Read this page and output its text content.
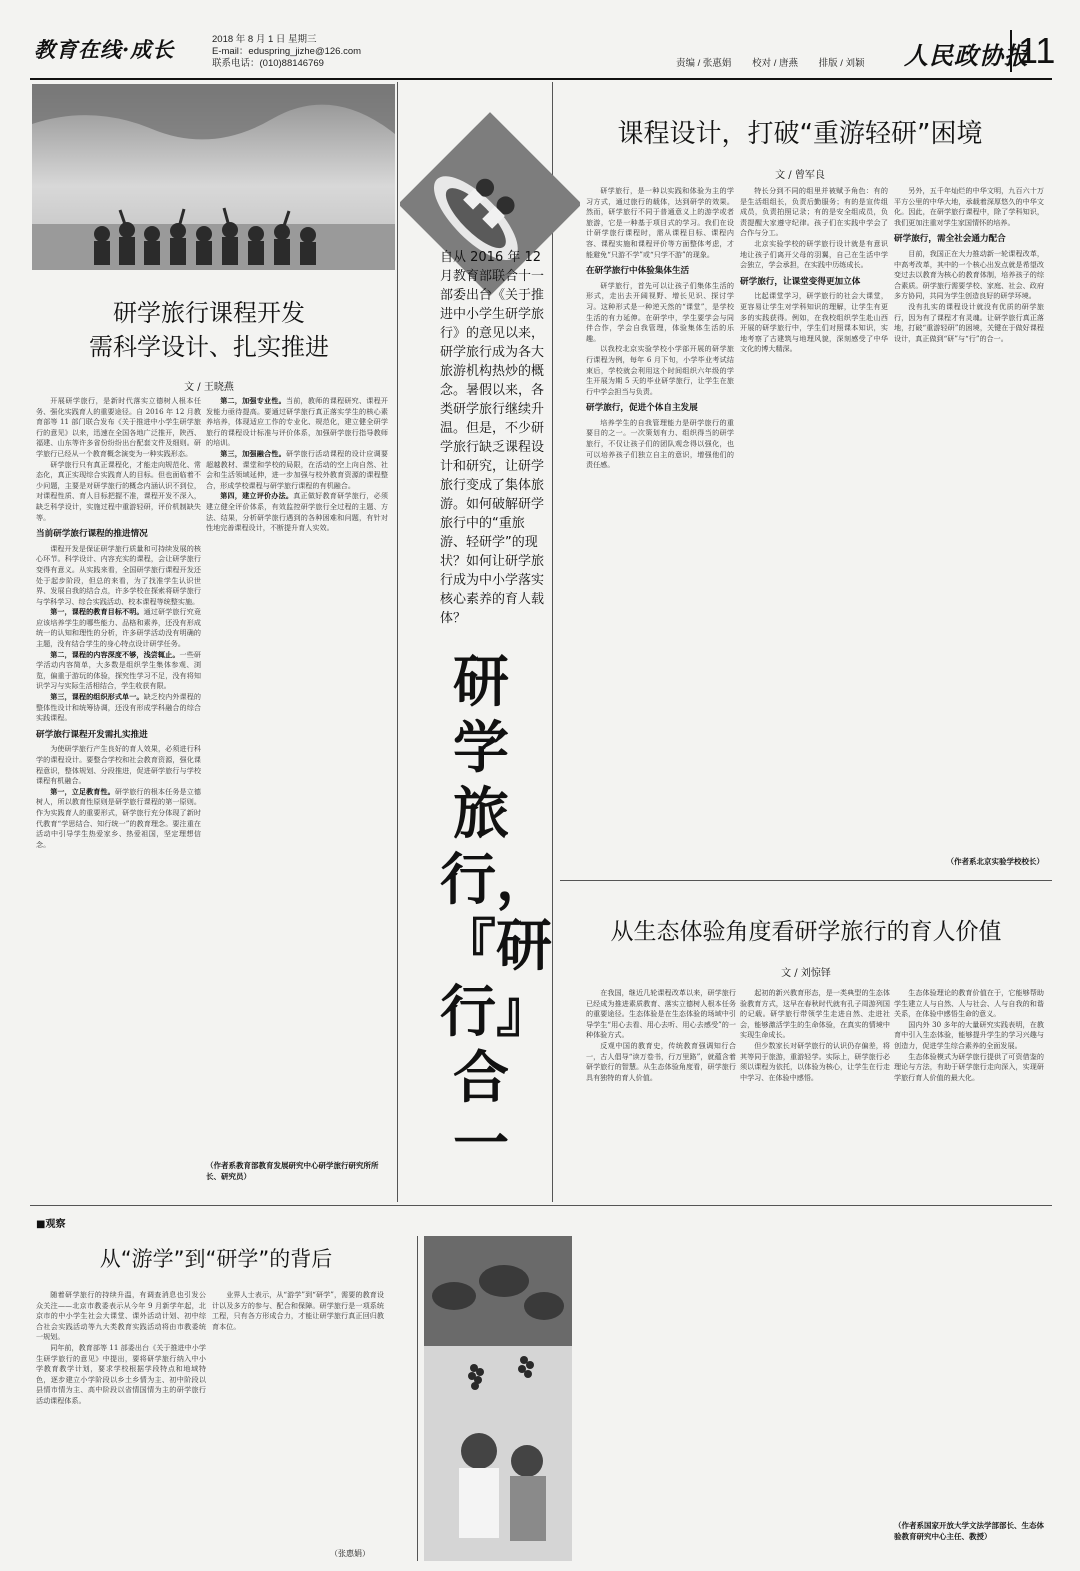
教育在线·成长	2018 年 8 月 1 日 星期三
E-mail：eduspring_jizhe@126.com
联系电话：(010)88146769	责编 / 张惠娟 校对 / 唐燕 排版 / 刘颖	人民政协报
11
研学旅行课程开发
需科学设计、扎实推进
文 / 王晓燕

开展研学旅行，是新时代落实立德树人根本任务、强化实践育人的重要途径。自 2016 年 12 月教育部等 11 部门联合发布《关于推进中小学生研学旅行的意见》以来，迅速在全国各地广泛推开，陕西、福建、山东等许多省份纷纷出台配套文件及细则。研学旅行已经从一个教育概念演变为一种实践形态。

研学旅行只有真正课程化，才能走向规范化、常态化，真正实现综合实践育人的目标。但也面临着不少问题，主要是对研学旅行的概念内涵认识不到位，对课程性质、育人目标把握不准，课程开发不深入，缺乏科学设计，实施过程中重游轻研，评价机制缺失等。

当前研学旅行课程的推进情况

课程开发是保证研学旅行质量和可持续发展的核心环节。科学设计、内容充实的课程，会让研学旅行变得有意义。从实践来看，全国研学旅行课程开发还处于起步阶段，但总的来看，为了找准学生认识世界、发展自我的结合点，许多学校在探索将研学旅行与学科学习、综合实践活动、校本课程等统整实施。

第一，课程的教育目标不明。通过研学旅行究竟应该培养学生的哪些能力、品格和素养，还没有形成统一的认知和理性的分析，许多研学活动没有明确的主题，没有结合学生的身心特点设计研学任务。

第二，课程的内容深度不够，浅尝辄止。一些研学活动内容简单，大多数是组织学生集体参观、浏览，偏重于游玩的体验，探究性学习不足，没有将知识学习与实际生活相结合，学生收获有限。

第三，课程的组织形式单一。缺乏校内外课程的整体性设计和统筹协调，还没有形成学科融合的综合实践课程。

研学旅行课程开发需扎实推进

为使研学旅行产生良好的育人效果，必须进行科学的课程设计。要整合学校和社会教育资源，强化课程意识，整体规划、分段推进，促进研学旅行与学校课程有机融合。

第一，立足教育性。研学旅行的根本任务是立德树人，所以教育性原则是研学旅行课程的第一原则。作为实践育人的重要形式，研学旅行充分体现了新时代教育“学思结合、知行统一”的教育理念。要注重在活动中引导学生热爱家乡、热爱祖国，坚定理想信念。

第二，加强专业性。当前，教师的课程研究、课程开发能力亟待提高。要通过研学旅行真正落实学生的核心素养培养，体现适应工作的专业化、规范化，建立健全研学旅行的课程设计标准与评价体系，加强研学旅行指导教师的培训。

第三，加强融合性。研学旅行活动课程的设计应调要超越教材、课堂和学校的局限，在活动的空上向自然、社会和生活领域延伸，进一步加强与校外教育资源的课程整合，形成学校课程与研学旅行课程的有机融合。

第四，建立评价办法。真正做好教育研学旅行，必须建立健全评价体系，有效监控研学旅行全过程的主题、方法、结果，分析研学旅行遇到的各种困难和问题，有针对性地完善课程设计，不断提升育人实效。

（作者系教育部教育发展研究中心研学旅行研究所所长、研究员）
自从 2016 年 12 月教育部联合十一部委出台《关于推进中小学生研学旅行》的意见以来，研学旅行成为各大旅游机构热炒的概念。暑假以来，各类研学旅行继续升温。但是，不少研学旅行缺乏课程设计和研究，让研学旅行变成了集体旅游。如何破解研学旅行中的“重旅游、轻研学”的现状？如何让研学旅行成为中小学落实核心素养的育人载体？
研学旅行，『研行』合一
课程设计，打破“重游轻研”困境
文 / 曾军良

研学旅行，是一种以实践和体验为主的学习方式，通过旅行的载体，达到研学的效果。然而，研学旅行不同于普通意义上的游学或者旅游，它是一种基于项目式的学习。我们在设计研学旅行课程时，需从课程目标、课程内容、课程实施和课程评价等方面整体考虑，才能避免“只游不学”或“只学不游”的现象。

在研学旅行中体验集体生活

研学旅行，首先可以让孩子们集体生活的形式，走出去开阔视野、增长见识、探讨学习。这种形式是一种逆天然的“课堂”，是学校生活的有力延伸。在研学中，学生要学会与同伴合作，学会自我管理，体验集体生活的乐趣。

以我校北京实验学校小学部开展的研学旅行课程为例，每年 6 月下旬，小学毕业考试结束后，学校就会利用这个时间组织六年级的学生开展为期 5 天的毕业研学旅行，让学生在旅行中学会担当与负责。

研学旅行，促进个体自主发展

培养学生的自我管理能力是研学旅行的重要目的之一。一次策划有力、组织得当的研学旅行，不仅让孩子们的团队观念得以强化，也可以培养孩子们独立自主的意识，增强他们的责任感。

特长分到不同的组里并被赋予角色：有的是生活组组长，负责后勤服务；有的是宣传组成员，负责拍照记录；有的是安全组成员，负责提醒大家遵守纪律。孩子们在实践中学会了合作与分工。

北京实验学校的研学旅行设计就是有意识地让孩子们离开父母的羽翼，自己在生活中学会独立，学会承担，在实践中历练成长。

研学旅行，让课堂变得更加立体

比起课堂学习，研学旅行的社会大课堂，更容易让学生对学科知识的理解，让学生有更多的实践获得。例如，在我校组织学生赴山西开展的研学旅行中，学生们对照课本知识，实地考察了古建筑与地理风貌，深刻感受了中华文化的博大精深。

另外，五千年灿烂的中华文明，九百六十万平方公里的中华大地，承载着深厚悠久的中华文化。因此，在研学旅行课程中，除了学科知识，我们更加注重对学生家国情怀的培养。

研学旅行，需全社会通力配合

目前，我国正在大力推动新一轮课程改革，中高考改革，其中的一个核心出发点就是希望改变过去以教育为核心的教育体制，培养孩子的综合素质。研学旅行需要学校、家庭、社会、政府多方协同，共同为学生创造良好的研学环境。

没有扎实的课程设计就没有优质的研学旅行，因为有了课程才有灵魂。让研学旅行真正落地，打破“重游轻研”的困境，关键在于做好课程设计，真正做到“研”与“行”的合一。

（作者系北京实验学校校长）
从生态体验角度看研学旅行的育人价值
文 / 刘惊铎

在我国，继近几轮课程改革以来，研学旅行已经成为推进素质教育、落实立德树人根本任务的重要途径。生态体验是在生态体验的场域中引导学生“用心去看、用心去听、用心去感受”的一种体验方式。

反观中国的教育史，传统教育强调知行合一，古人倡导“读万卷书，行万里路”，就蕴含着研学旅行的智慧。从生态体验角度看，研学旅行具有独特的育人价值。

起初的新兴教育形态，是一类典型的生态体验教育方式，这早在春秋时代就有孔子周游列国的记载。研学旅行带领学生走进自然、走进社会，能够激活学生的生命体验，在真实的情境中实现生命成长。

但少数家长对研学旅行的认识仍存偏差，将其等同于旅游，重游轻学。实际上，研学旅行必须以课程为依托，以体验为核心，让学生在行走中学习、在体验中感悟。

生态体验理论的教育价值在于，它能够帮助学生建立人与自然、人与社会、人与自我的和谐关系，在体验中感悟生命的意义。

国内外 30 多年的大量研究实践表明，在教育中引入生态体验，能够提升学生的学习兴趣与创造力，促进学生综合素养的全面发展。

生态体验模式为研学旅行提供了可资借鉴的理论与方法，有助于研学旅行走向深入，实现研学旅行育人价值的最大化。

（作者系国家开放大学文法学部部长、生态体验教育研究中心主任、教授）
■观察
从“游学”到“研学”的背后

随着研学旅行的持续升温，有调查消息也引发公众关注——北京市教委表示从今年 9 月新学年起，北京市的中小学生社会大课堂、课外活动计划、初中综合社会实践活动等九大类教育实践活动将由市教委统一规划。

同年前，教育部等 11 部委出台《关于推进中小学生研学旅行的意见》中提出，要将研学旅行纳入中小学教育教学计划，要求学校根据学段特点和地域特色，逐步建立小学阶段以乡土乡情为主、初中阶段以县情市情为主、高中阶段以省情国情为主的研学旅行活动课程体系。

业界人士表示，从“游学”到“研学”，需要的教育设计以及多方的参与、配合和保障。研学旅行是一项系统工程，只有各方形成合力，才能让研学旅行真正回归教育本位。

（张惠娟）
